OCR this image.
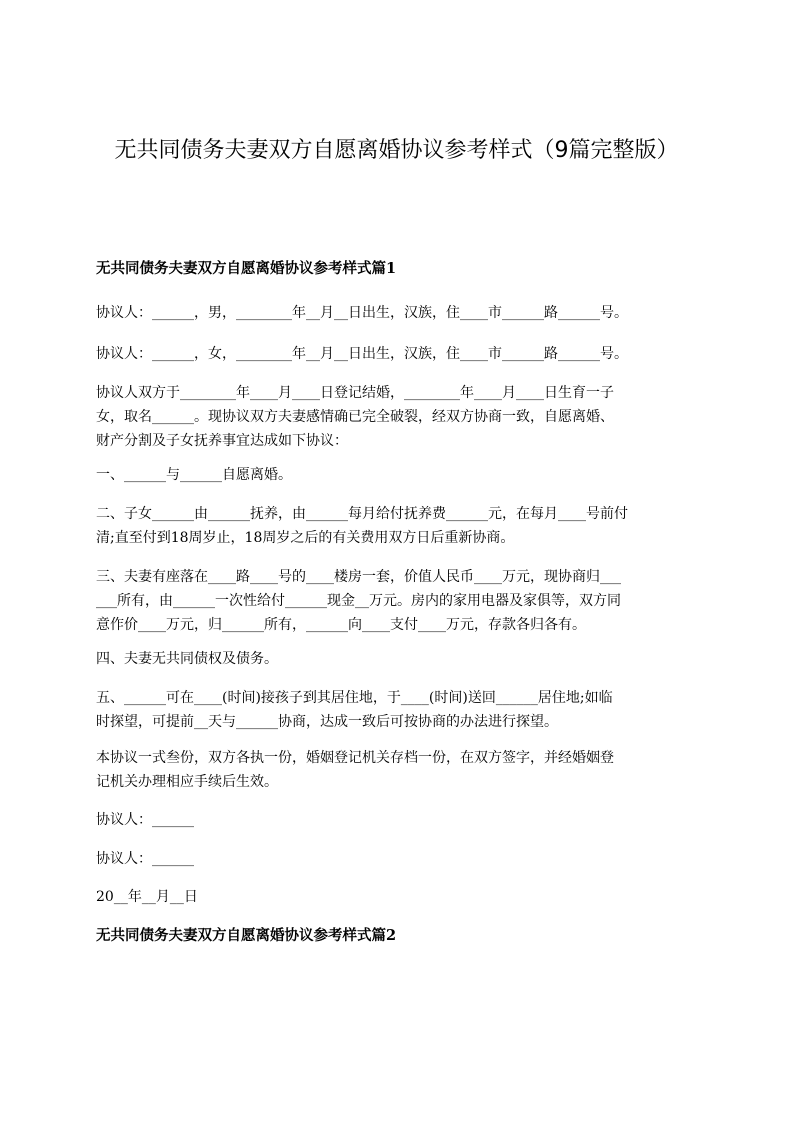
无共同债务夫妻双方自愿离婚协议参考样式（9篇完整版）
无共同债务夫妻双方自愿离婚协议参考样式篇1

协议人：______，男，________年__月__日出生，汉族，住____市______路______号。

协议人：______，女，________年__月__日出生，汉族，住____市______路______号。

协议人双方于________年____月____日登记结婚，________年____月____日生育一子
女，取名______。现协议双方夫妻感情确已完全破裂，经双方协商一致，自愿离婚、
财产分割及子女抚养事宜达成如下协议：

一、______与______自愿离婚。

二、子女______由______抚养，由______每月给付抚养费______元，在每月____号前付
清;直至付到18周岁止，18周岁之后的有关费用双方日后重新协商。

三、夫妻有座落在____路____号的____楼房一套，价值人民币____万元，现协商归___
___所有，由______一次性给付______现金__万元。房内的家用电器及家俱等，双方同
意作价____万元，归______所有，______向____支付____万元，存款各归各有。

四、夫妻无共同债权及债务。

五、______可在____(时间)接孩子到其居住地，于____(时间)送回______居住地;如临
时探望，可提前__天与______协商，达成一致后可按协商的办法进行探望。

本协议一式叁份，双方各执一份，婚姻登记机关存档一份，在双方签字，并经婚姻登
记机关办理相应手续后生效。

协议人：______

协议人：______

20__年__月__日

无共同债务夫妻双方自愿离婚协议参考样式篇2
